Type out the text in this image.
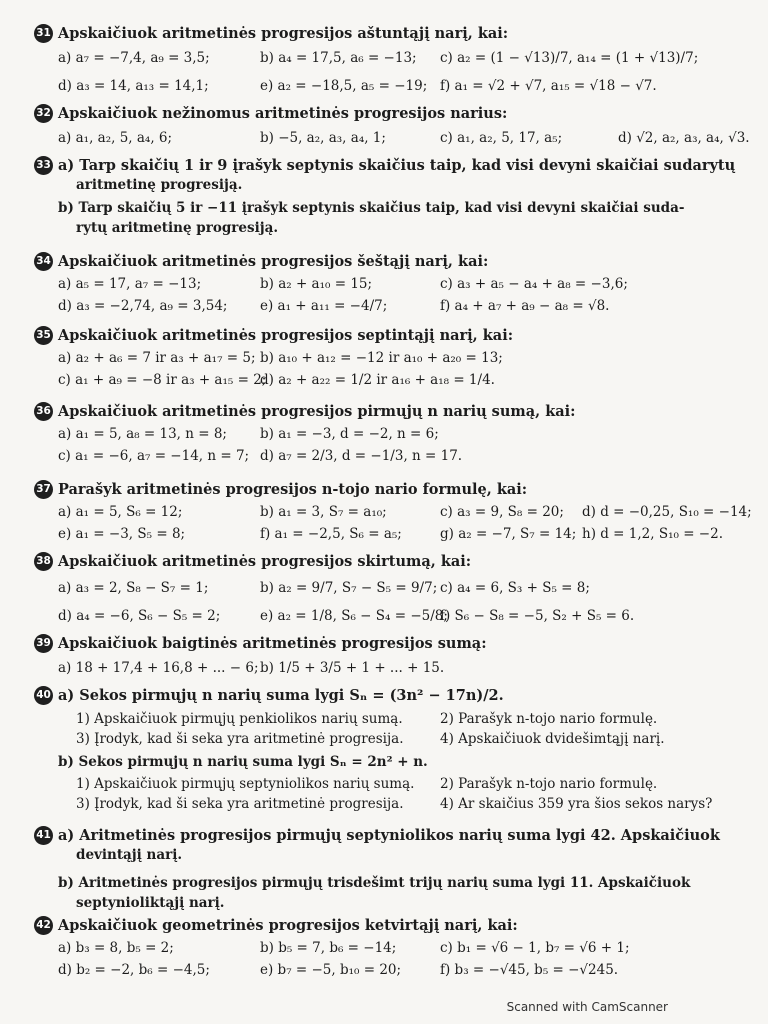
31 Apskaičiuok aritmetinės progresijos aštuntąjį narį, kai:
a) a₇ = −7,4, a₉ = 3,5;	b) a₄ = 17,5, a₆ = −13; c) a₂ = (1 − √13)/7, a₁₄ = (1 + √13)/7;
d) a₃ = 14, a₁₃ = 14,1;	e) a₂ = −18,5, a₅ = −19; f) a₁ = √2 + √7, a₁₅ = √18 − √7.
32 Apskaičiuok nežinomus aritmetinės progresijos narius:
a) a₁, a₂, 5, a₄, 6;	b) −5, a₂, a₃, a₄, 1;	c) a₁, a₂, 5, 17, a₅;	d) √2, a₂, a₃, a₄, √3.
33 a) Tarp skaičių 1 ir 9 įrašyk septynis skaičius taip, kad visi devyni skaičiai sudarytų
aritmetinę progresiją.
b) Tarp skaičių 5 ir −11 įrašyk septynis skaičius taip, kad visi devyni skaičiai suda-
rytų aritmetinę progresiją.
34 Apskaičiuok aritmetinės progresijos šeštąjį narį, kai:
a) a₅ = 17, a₇ = −13;	b) a₂ + a₁₀ = 15;	c) a₃ + a₅ − a₄ + a₈ = −3,6;
d) a₃ = −2,74, a₉ = 3,54; e) a₁ + a₁₁ = −4/7;	f) a₄ + a₇ + a₉ − a₈ = √8.
35 Apskaičiuok aritmetinės progresijos septintąjį narį, kai:
a) a₂ + a₆ = 7 ir a₃ + a₁₇ = 5; b) a₁₀ + a₁₂ = −12 ir a₁₀ + a₂₀ = 13;
c) a₁ + a₉ = −8 ir a₃ + a₁₅ = 2;
d) a₂ + a₂₂ = 1/2 ir a₁₆ + a₁₈ = 1/4.
36 Apskaičiuok aritmetinės progresijos pirmųjų n narių sumą, kai:
a) a₁ = 5, a₈ = 13, n = 8; b) a₁ = −3, d = −2, n = 6;
c) a₁ = −6, a₇ = −14, n = 7; d) a₇ = 2/3, d = −1/3, n = 17.
37 Parašyk aritmetinės progresijos n-tojo nario formulę, kai:
a) a₁ = 5, S₆ = 12;	b) a₁ = 3, S₇ = a₁₀;	c) a₃ = 9, S₈ = 20; d) d = −0,25, S₁₀ = −14;
e) a₁ = −3, S₅ = 8;	f) a₁ = −2,5, S₆ = a₅;	g) a₂ = −7, S₇ = 14; h) d = 1,2, S₁₀ = −2.
38 Apskaičiuok aritmetinės progresijos skirtumą, kai:
a) a₃ = 2, S₈ − S₇ = 1;	b) a₂ = 9/7, S₇ − S₅ = 9/7; c) a₄ = 6, S₃ + S₅ = 8;
d) a₄ = −6, S₆ − S₅ = 2;	e) a₂ = 1/8, S₆ − S₄ = −5/8;
f) S₆ − S₈ = −5, S₂ + S₅ = 6.
39 Apskaičiuok baigtinės aritmetinės progresijos sumą:
a) 18 + 17,4 + 16,8 + ... − 6; b) 1/5 + 3/5 + 1 + ... + 15.
40 a) Sekos pirmųjų n narių suma lygi Sₙ = (3n² − 17n)/2.
1) Apskaičiuok pirmųjų penkiolikos narių sumą.	2) Parašyk n-tojo nario formulę.
3) Įrodyk, kad ši seka yra aritmetinė progresija.	4) Apskaičiuok dvidešimtąjį narį.
b) Sekos pirmųjų n narių suma lygi Sₙ = 2n² + n.
1) Apskaičiuok pirmųjų septyniolikos narių sumą. 2) Parašyk n-tojo nario formulę.
3) Įrodyk, kad ši seka yra aritmetinė progresija.	4) Ar skaičius 359 yra šios sekos narys?
41 a) Aritmetinės progresijos pirmųjų septyniolikos narių suma lygi 42. Apskaičiuok
devintąjį narį.
b) Aritmetinės progresijos pirmųjų trisdešimt trijų narių suma lygi 11. Apskaičiuok
septynioliktąjį narį.
42 Apskaičiuok geometrinės progresijos ketvirtąjį narį, kai:
a) b₃ = 8, b₅ = 2;	b) b₅ = 7, b₆ = −14;	c) b₁ = √6 − 1, b₇ = √6 + 1;
d) b₂ = −2, b₆ = −4,5;	e) b₇ = −5, b₁₀ = 20;	f) b₃ = −√45, b₅ = −√245.
Scanned with CamScanner
